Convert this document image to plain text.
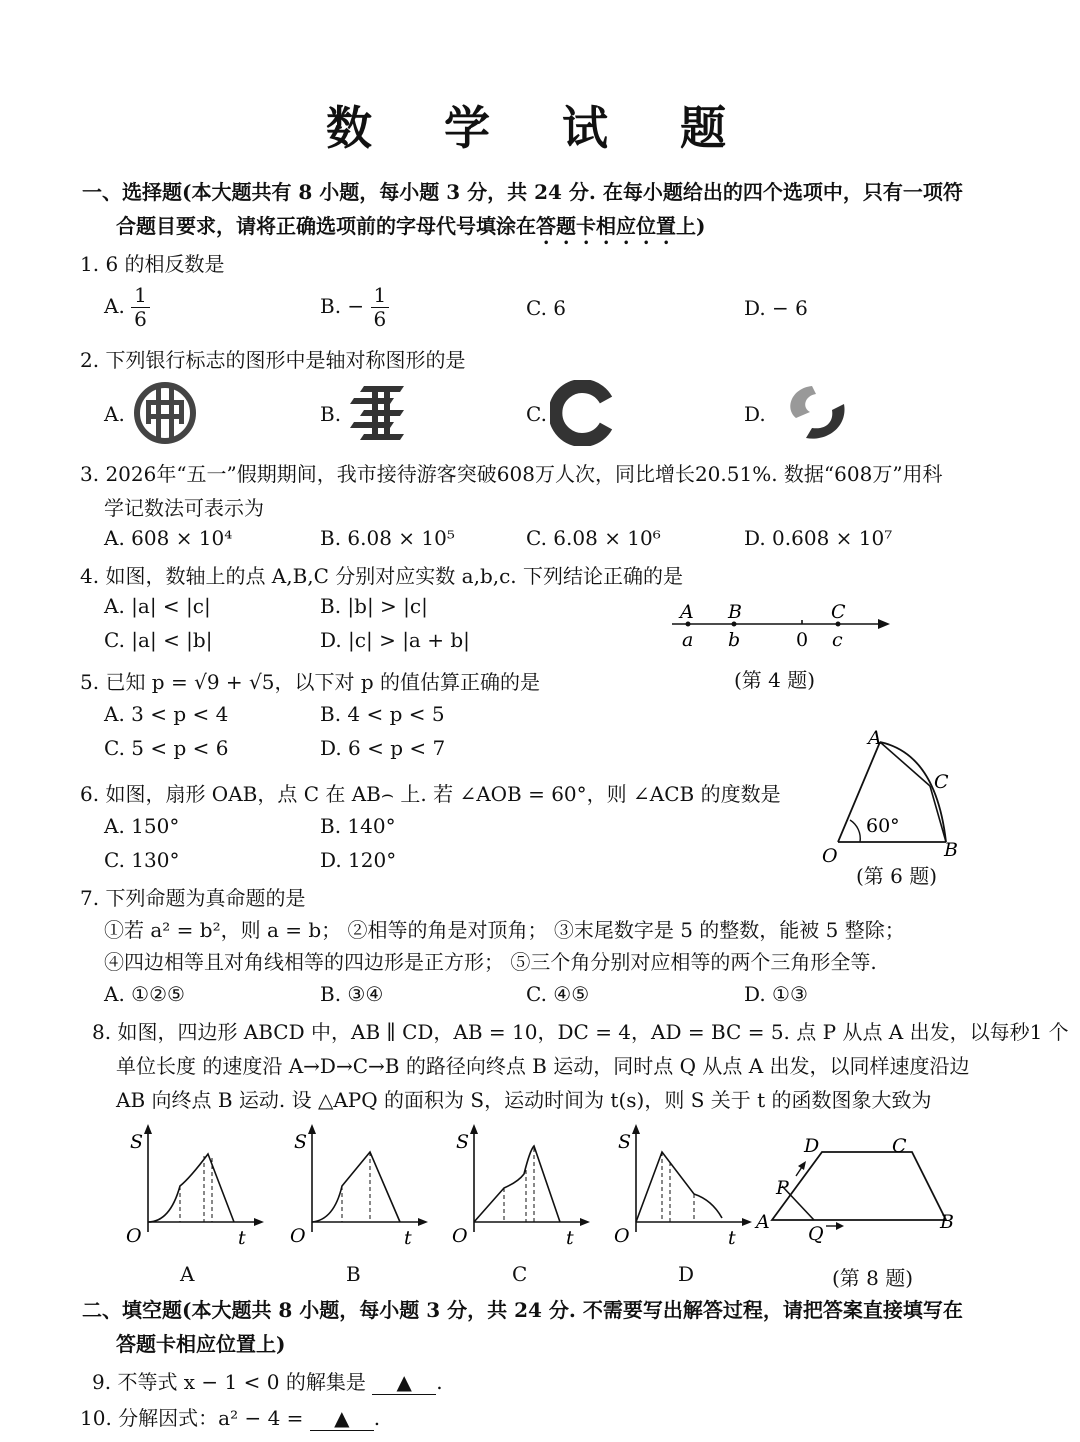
数 学 试 题
一、选择题(本大题共有 8 小题，每小题 3 分，共 24 分. 在每小题给出的四个选项中，只有一项符
合题目要求，请将正确选项前的字母代号填涂在答题卡相应位置上)
1. 6 的相反数是
A. $\frac{1}{6}$	B. − $\frac{1}{6}$	C. 6	D. − 6
2. 下列银行标志的图形中是轴对称图形的是
A.	B.	C.	D.
3. 2026年“五一”假期期间，我市接待游客突破608万人次，同比增长20.51%. 数据“608万”用科
学记数法可表示为
A. 608 × 10⁴	B. 6.08 × 10⁵	C. 6.08 × 10⁶	D. 0.608 × 10⁷
4. 如图，数轴上的点 A,B,C 分别对应实数 a,b,c. 下列结论正确的是
A. |a| < |c|	B. |b| > |c|
C. |a| < |b|	D. |c| > |a + b|
A B	C
a b	0 c
(第 4 题)
5. 已知 p = √9 + √5，以下对 p 的值估算正确的是
A. 3 < p < 4	B. 4 < p < 5
C. 5 < p < 6	D. 6 < p < 7
6. 如图，扇形 OAB，点 C 在 AB⌢ 上. 若 ∠AOB = 60°，则 ∠ACB 的度数是
A. 150°	B. 140°
C. 130°	D. 120°
60°
A
C
O	B
(第 6 题)
7. 下列命题为真命题的是
①若 a² = b²，则 a = b； ②相等的角是对顶角； ③末尾数字是 5 的整数，能被 5 整除；
④四边相等且对角线相等的四边形是正方形； ⑤三个角分别对应相等的两个三角形全等.
A. ①②⑤	B. ③④	C. ④⑤	D. ①③
8. 如图，四边形 ABCD 中，AB ∥ CD，AB = 10，DC = 4，AD = BC = 5. 点 P 从点 A 出发，以每秒1 个
单位长度 的速度沿 A→D→C→B 的路径向终点 B 运动，同时点 Q 从点 A 出发，以同样速度沿边
AB 向终点 B 运动. 设 △APQ 的面积为 S，运动时间为 t(s)，则 S 关于 t 的函数图象大致为
S
O	t
A
S
O	t
B
S
O	t
C
S
O	t
D
D	C
P
A
Q
B
(第 8 题)
二、填空题(本大题共 8 小题，每小题 3 分，共 24 分. 不需要写出解答过程，请把答案直接填写在
答题卡相应位置上)
9. 不等式 x − 1 < 0 的解集是 ▲ .
10. 分解因式：a² − 4 = ▲ .
